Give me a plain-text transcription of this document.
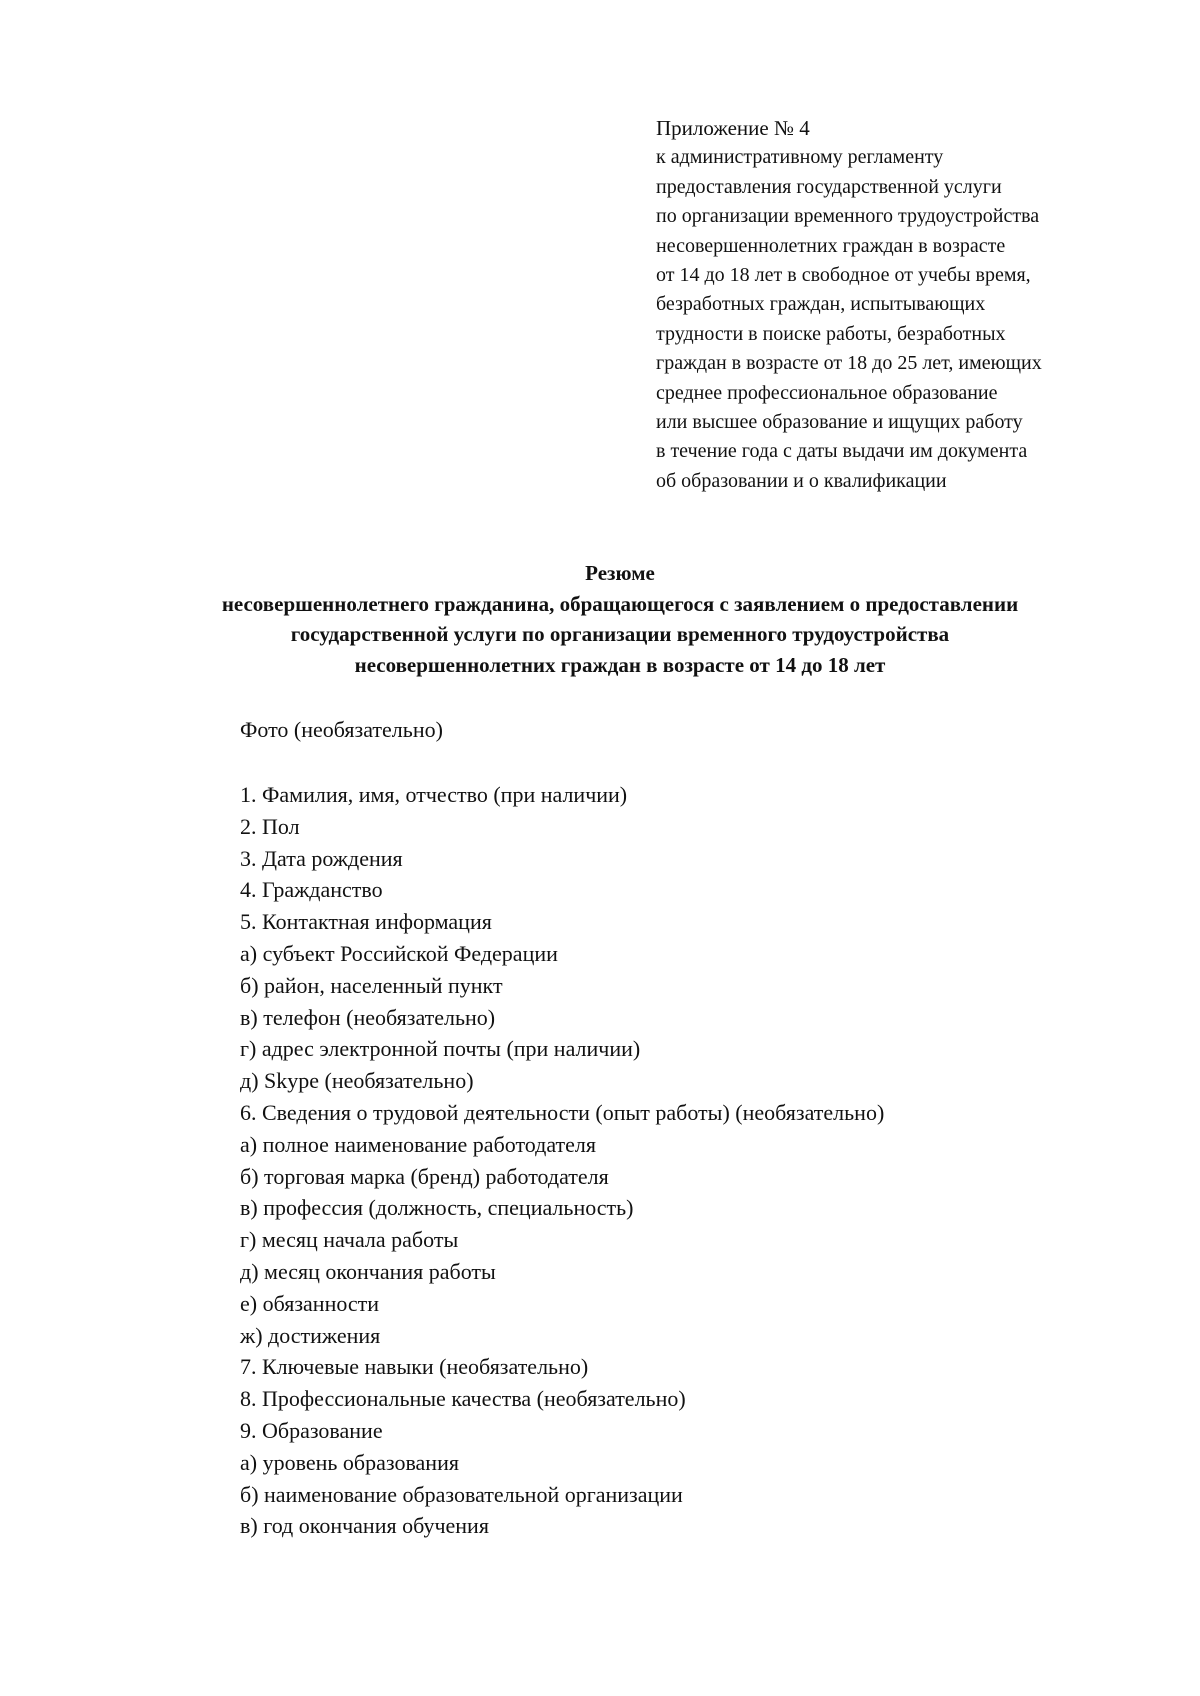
Приложение № 4
к административному регламенту
предоставления государственной услуги
по организации временного трудоустройства
несовершеннолетних граждан в возрасте
от 14 до 18 лет в свободное от учебы время,
безработных граждан, испытывающих
трудности в поиске работы, безработных
граждан в возрасте от 18 до 25 лет, имеющих
среднее профессиональное образование
или высшее образование и ищущих работу
в течение года с даты выдачи им документа
об образовании и о квалификации
Резюме
несовершеннолетнего гражданина, обращающегося с заявлением о предоставлении
государственной услуги по организации временного трудоустройства
несовершеннолетних граждан в возрасте от 14 до 18 лет
Фото (необязательно)
1. Фамилия, имя, отчество (при наличии)
2. Пол
3. Дата рождения
4. Гражданство
5. Контактная информация
а) субъект Российской Федерации
б) район, населенный пункт
в) телефон (необязательно)
г) адрес электронной почты (при наличии)
д) Skype (необязательно)
6. Сведения о трудовой деятельности (опыт работы) (необязательно)
а) полное наименование работодателя
б) торговая марка (бренд) работодателя
в) профессия (должность, специальность)
г) месяц начала работы
д) месяц окончания работы
е) обязанности
ж) достижения
7. Ключевые навыки (необязательно)
8. Профессиональные качества (необязательно)
9. Образование
а) уровень образования
б) наименование образовательной организации
в) год окончания обучения
